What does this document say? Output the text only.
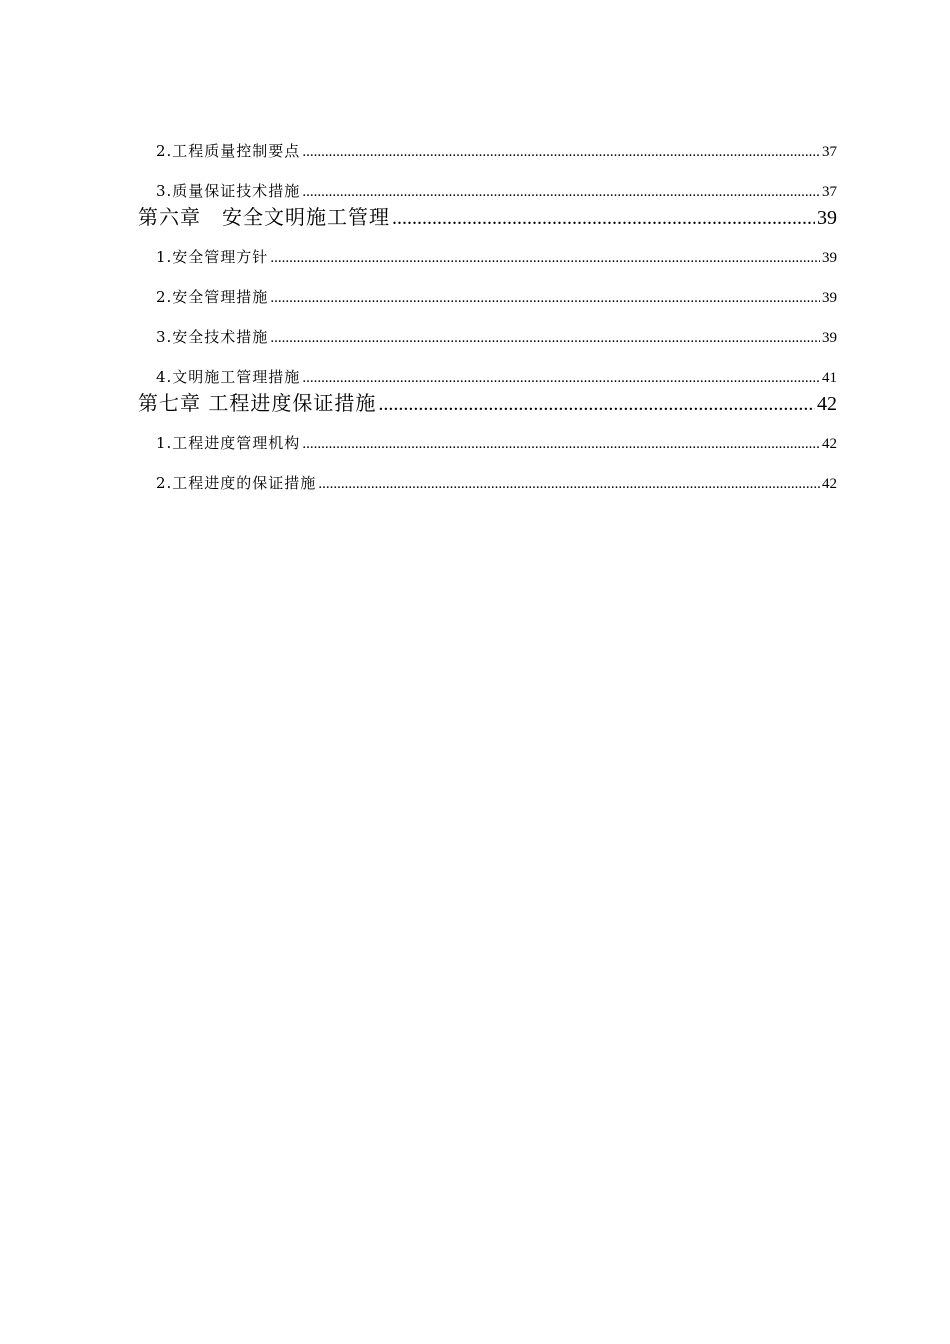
2.工程质量控制要点 .....	37
3.质量保证技术措施 .....	37
第六章　安全文明施工管理 .....	39
1.安全管理方针 .....	39
2.安全管理措施 .....	39
3.安全技术措施 .....	39
4.文明施工管理措施 .....	41
第七章 工程进度保证措施 .....	42
1.工程进度管理机构 .....	42
2.工程进度的保证措施 .....	42
